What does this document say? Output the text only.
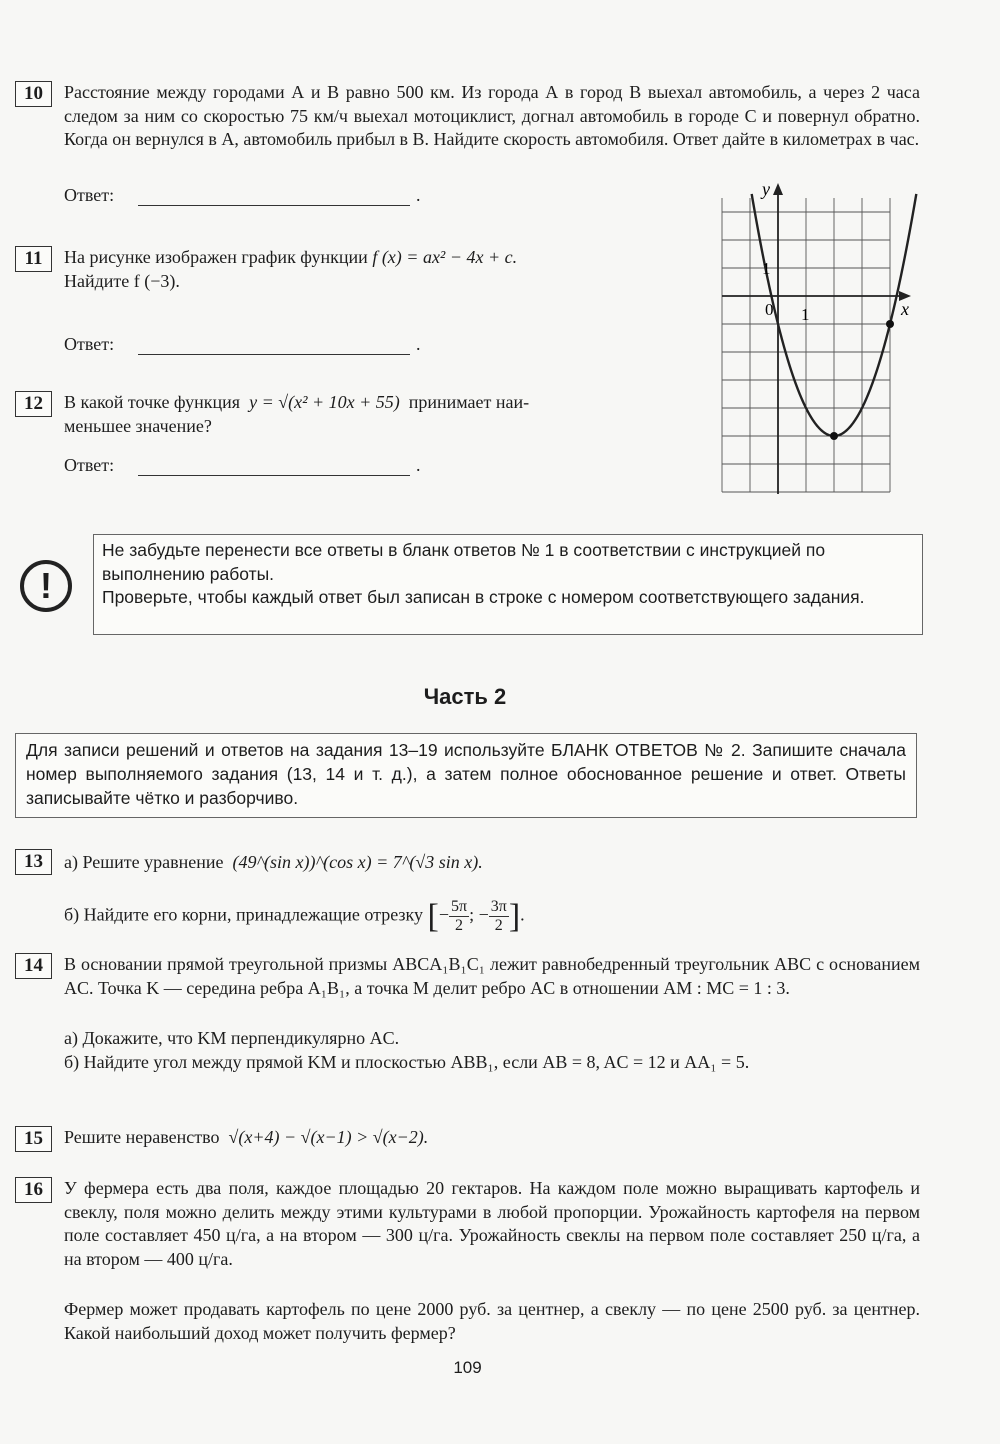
10	Расстояние между городами А и В равно 500 км. Из города А в город В выехал автомобиль, а через 2 часа следом за ним со скоростью 75 км/ч выехал мотоциклист, догнал автомобиль в городе С и повернул обратно. Когда он вернулся в А, автомобиль прибыл в В. Найдите скорость автомобиля. Ответ дайте в километрах в час.
Ответ:	.
11	На рисунке изображен график функции f (x) = ax² − 4x + c.
Найдите f (−3).
Ответ:	.
12	В какой точке функция y = √(x² + 10x + 55) принимает наи-
меньшее значение?
Ответ:	.
y
x
0 1
1
!

Не забудьте перенести все ответы в бланк ответов № 1 в соответствии с инструкцией по выполнению работы.

Проверьте, чтобы каждый ответ был записан в строке с номером соответствующего задания.

Часть 2
Для записи решений и ответов на задания 13–19 используйте БЛАНК ОТВЕТОВ № 2. Запишите сначала номер выполняемого задания (13, 14 и т. д.), а затем полное обоснованное решение и ответ. Ответы записывайте чётко и разборчиво.
13	а) Решите уравнение (49^(sin x))^(cos x) = 7^(√3 sin x).
б) Найдите его корни, принадлежащие отрезку [− $\frac{5\pi}{2}$ ; − $\frac{3\pi}{2}$ ].
14	В основании прямой треугольной призмы ABCA₁B₁C₁ лежит равнобедренный треугольник ABC с основанием AC. Точка K — середина ребра A₁B₁, а точка M делит ребро AC в отношении AM : MC = 1 : 3.
а) Докажите, что KM перпендикулярно AC.
б) Найдите угол между прямой KM и плоскостью ABB₁, если AB = 8, AC = 12 и AA₁ = 5.
15	Решите неравенство √(x+4) − √(x−1) > √(x−2).
16	У фермера есть два поля, каждое площадью 20 гектаров. На каждом поле можно выращивать картофель и свеклу, поля можно делить между этими культурами в любой пропорции. Урожайность картофеля на первом поле составляет 450 ц/га, а на втором — 300 ц/га. Урожайность свеклы на первом поле составляет 250 ц/га, а на втором — 400 ц/га.
Фермер может продавать картофель по цене 2000 руб. за центнер, а свеклу — по цене 2500 руб. за центнер. Какой наибольший доход может получить фермер?
109
